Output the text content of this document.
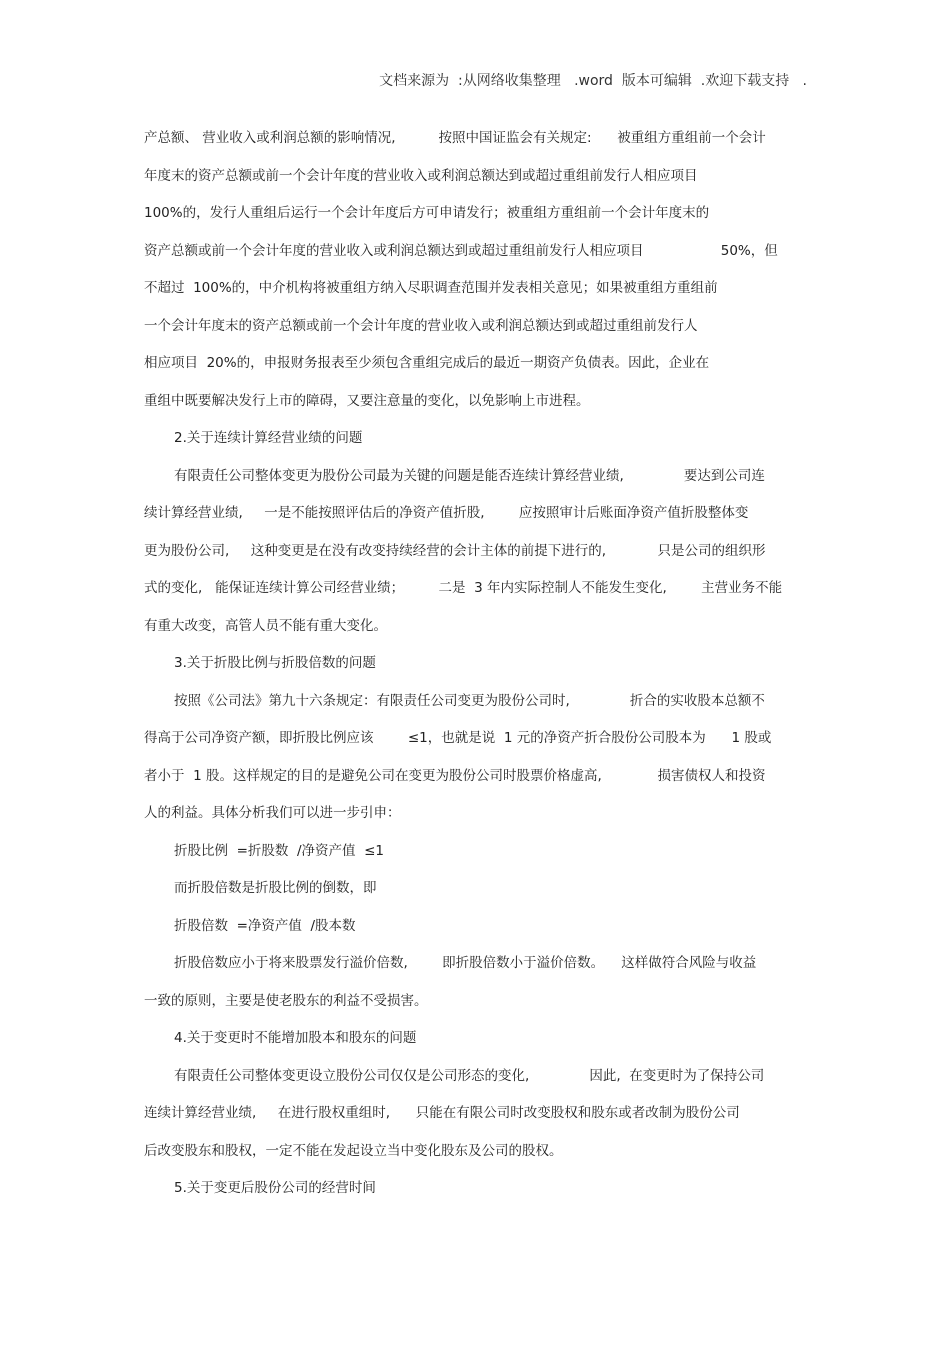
文档来源为  :从网络收集整理   .word  版本可编辑  .欢迎下载支持   .
产总额、 营业收入或利润总额的影响情况,          按照中国证监会有关规定:      被重组方重组前一个会计
年度末的资产总额或前一个会计年度的营业收入或利润总额达到或超过重组前发行人相应项目
100%的，发行人重组后运行一个会计年度后方可申请发行；被重组方重组前一个会计年度末的
资产总额或前一个会计年度的营业收入或利润总额达到或超过重组前发行人相应项目                  50%，但
不超过  100%的，中介机构将被重组方纳入尽职调查范围并发表相关意见；如果被重组方重组前
一个会计年度末的资产总额或前一个会计年度的营业收入或利润总额达到或超过重组前发行人
相应项目  20%的，申报财务报表至少须包含重组完成后的最近一期资产负债表。因此，企业在
重组中既要解决发行上市的障碍，又要注意量的变化，以免影响上市进程。
2.关于连续计算经营业绩的问题
有限责任公司整体变更为股份公司最为关键的问题是能否连续计算经营业绩,              要达到公司连
续计算经营业绩,     一是不能按照评估后的净资产值折股,        应按照审计后账面净资产值折股整体变
更为股份公司,     这种变更是在没有改变持续经营的会计主体的前提下进行的,            只是公司的组织形
式的变化,   能保证连续计算公司经营业绩；        二是  3 年内实际控制人不能发生变化,        主营业务不能
有重大改变，高管人员不能有重大变化。
3.关于折股比例与折股倍数的问题
按照《公司法》第九十六条规定：有限责任公司变更为股份公司时,              折合的实收股本总额不
得高于公司净资产额，即折股比例应该        ≤1，也就是说  1 元的净资产折合股份公司股本为      1 股或
者小于  1 股。这样规定的目的是避免公司在变更为股份公司时股票价格虚高,             损害债权人和投资
人的利益。具体分析我们可以进一步引申：
折股比例  =折股数  /净资产值  ≤1
而折股倍数是折股比例的倒数，即
折股倍数  =净资产值  /股本数
折股倍数应小于将来股票发行溢价倍数,        即折股倍数小于溢价倍数。    这样做符合风险与收益
一致的原则，主要是使老股东的利益不受损害。
4.关于变更时不能增加股本和股东的问题
有限责任公司整体变更设立股份公司仅仅是公司形态的变化,              因此,  在变更时为了保持公司
连续计算经营业绩,     在进行股权重组时,      只能在有限公司时改变股权和股东或者改制为股份公司
后改变股东和股权，一定不能在发起设立当中变化股东及公司的股权。
5.关于变更后股份公司的经营时间
